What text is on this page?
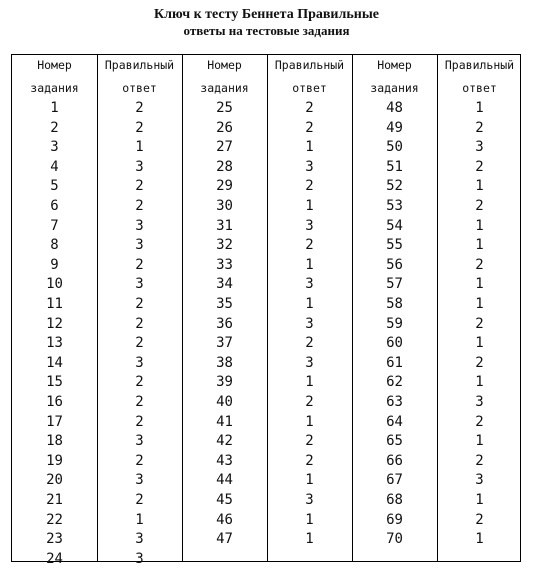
Ключ к тесту Беннета Правильные
ответы на тестовые задания
Номер
задания
Правильный
ответ
1
2
3
4
5
6
7
8
9
10
11
12
13
14
15
16
17
18
19
20
21
22
23
24
2
2
1
3
2
2
3
3
2
3
2
2
2
3
2
2
2
3
2
3
2
1
3
3
Номер
задания
Правильный
ответ
25
26
27
28
29
30
31
32
33
34
35
36
37
38
39
40
41
42
43
44
45
46
47
2
2
1
3
2
1
3
2
1
3
1
3
2
3
1
2
1
2
2
1
3
1
1
Номер
задания
Правильный
ответ
48
49
50
51
52
53
54
55
56
57
58
59
60
61
62
63
64
65
66
67
68
69
70
1
2
3
2
1
2
1
1
2
1
1
2
1
2
1
3
2
1
2
3
1
2
1
